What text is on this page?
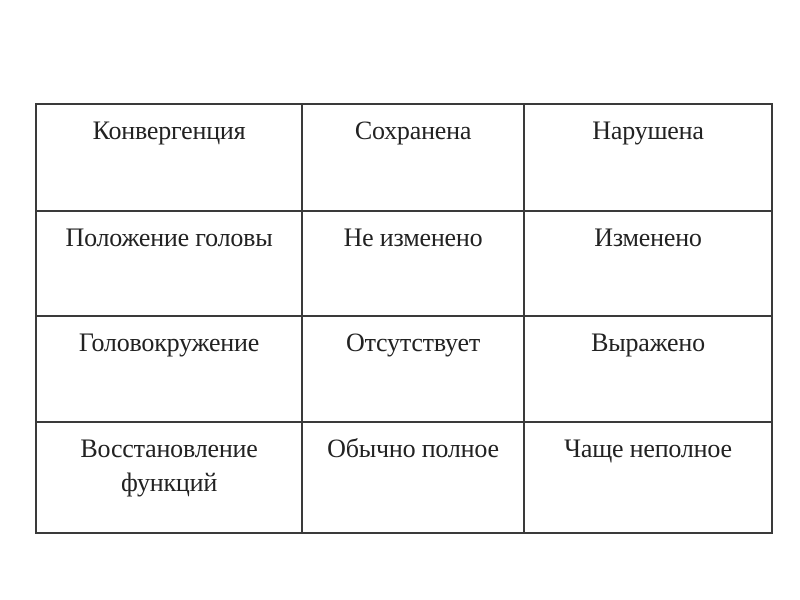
Конвергенция	Сохранена	Нарушена
Положение головы	Не изменено	Изменено
Головокружение	Отсутствует	Выражено
Восстановление функций	Обычно полное	Чаще неполное
